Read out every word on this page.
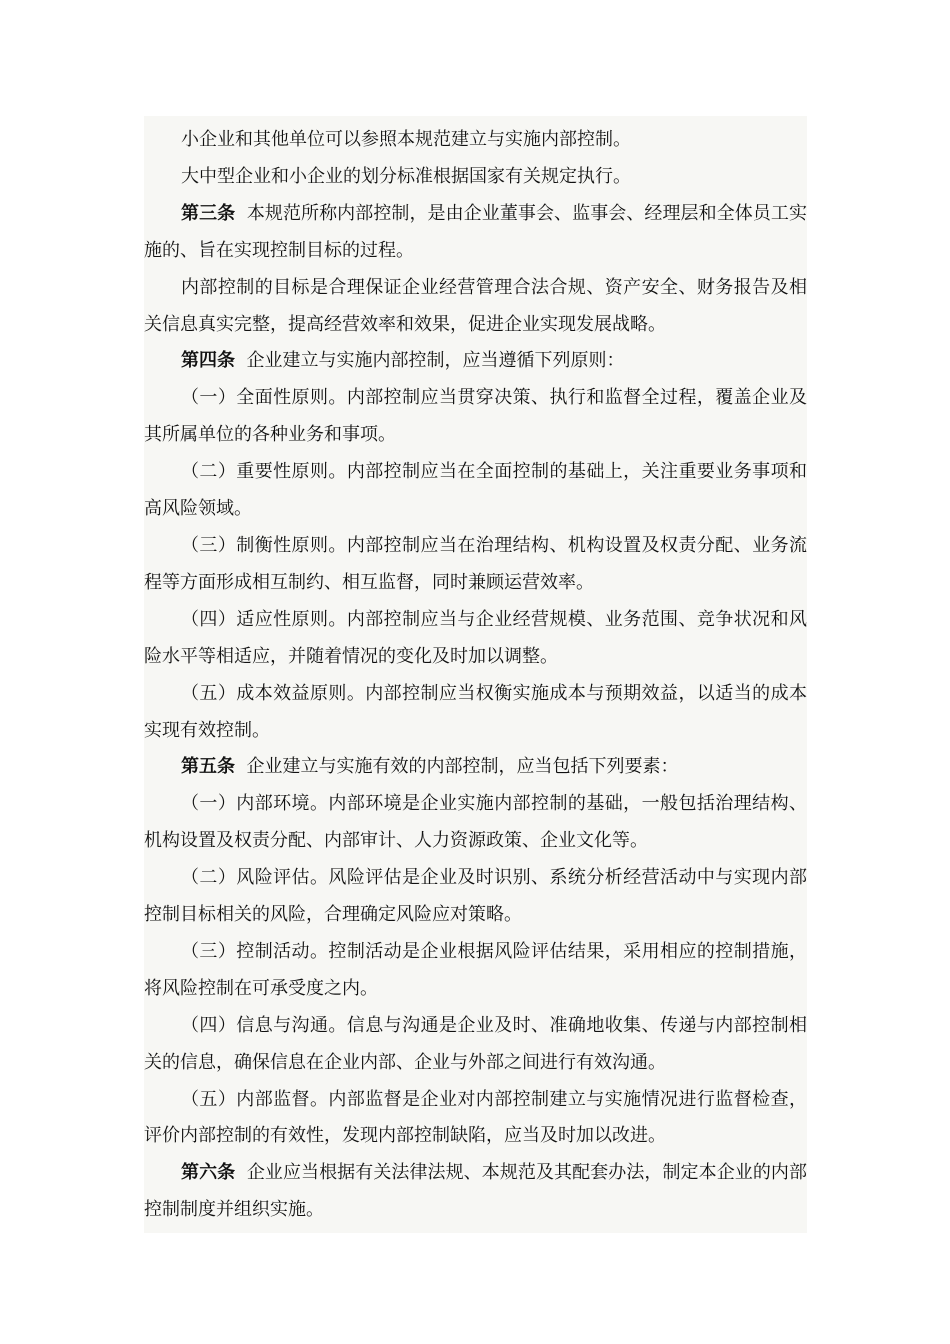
小企业和其他单位可以参照本规范建立与实施内部控制。

大中型企业和小企业的划分标准根据国家有关规定执行。

第三条 本规范所称内部控制，是由企业董事会、监事会、经理层和全体员工实施的、旨在实现控制目标的过程。

内部控制的目标是合理保证企业经营管理合法合规、资产安全、财务报告及相关信息真实完整，提高经营效率和效果，促进企业实现发展战略。

第四条 企业建立与实施内部控制，应当遵循下列原则：

（一）全面性原则。内部控制应当贯穿决策、执行和监督全过程，覆盖企业及其所属单位的各种业务和事项。

（二）重要性原则。内部控制应当在全面控制的基础上，关注重要业务事项和高风险领域。

（三）制衡性原则。内部控制应当在治理结构、机构设置及权责分配、业务流程等方面形成相互制约、相互监督，同时兼顾运营效率。

（四）适应性原则。内部控制应当与企业经营规模、业务范围、竞争状况和风险水平等相适应，并随着情况的变化及时加以调整。

（五）成本效益原则。内部控制应当权衡实施成本与预期效益，以适当的成本实现有效控制。

第五条 企业建立与实施有效的内部控制，应当包括下列要素：

（一）内部环境。内部环境是企业实施内部控制的基础，一般包括治理结构、机构设置及权责分配、内部审计、人力资源政策、企业文化等。

（二）风险评估。风险评估是企业及时识别、系统分析经营活动中与实现内部控制目标相关的风险，合理确定风险应对策略。

（三）控制活动。控制活动是企业根据风险评估结果，采用相应的控制措施，将风险控制在可承受度之内。

（四）信息与沟通。信息与沟通是企业及时、准确地收集、传递与内部控制相关的信息，确保信息在企业内部、企业与外部之间进行有效沟通。

（五）内部监督。内部监督是企业对内部控制建立与实施情况进行监督检查，评价内部控制的有效性，发现内部控制缺陷，应当及时加以改进。

第六条 企业应当根据有关法律法规、本规范及其配套办法，制定本企业的内部控制制度并组织实施。
